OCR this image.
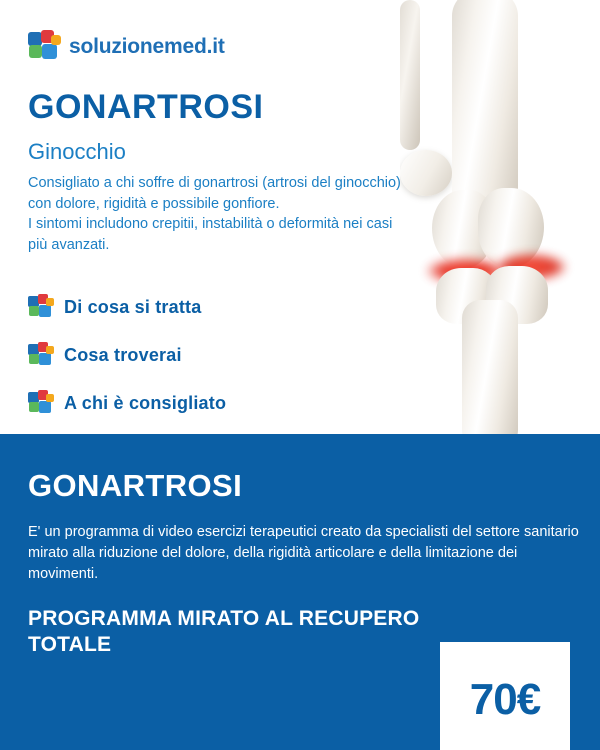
soluzionemed.it
GONARTROSI
Ginocchio
Consigliato a chi soffre di gonartrosi (artrosi del ginocchio) con dolore, rigidità e possibile gonfiore.
I sintomi includono crepitii, instabilità o deformità nei casi più avanzati.
Di cosa si tratta
Cosa troverai
A chi è consigliato
GONARTROSI
E' un programma di video esercizi terapeutici creato da specialisti del settore sanitario mirato alla riduzione del dolore, della rigidità articolare e della limitazione dei movimenti.
PROGRAMMA MIRATO AL RECUPERO TOTALE
70€
